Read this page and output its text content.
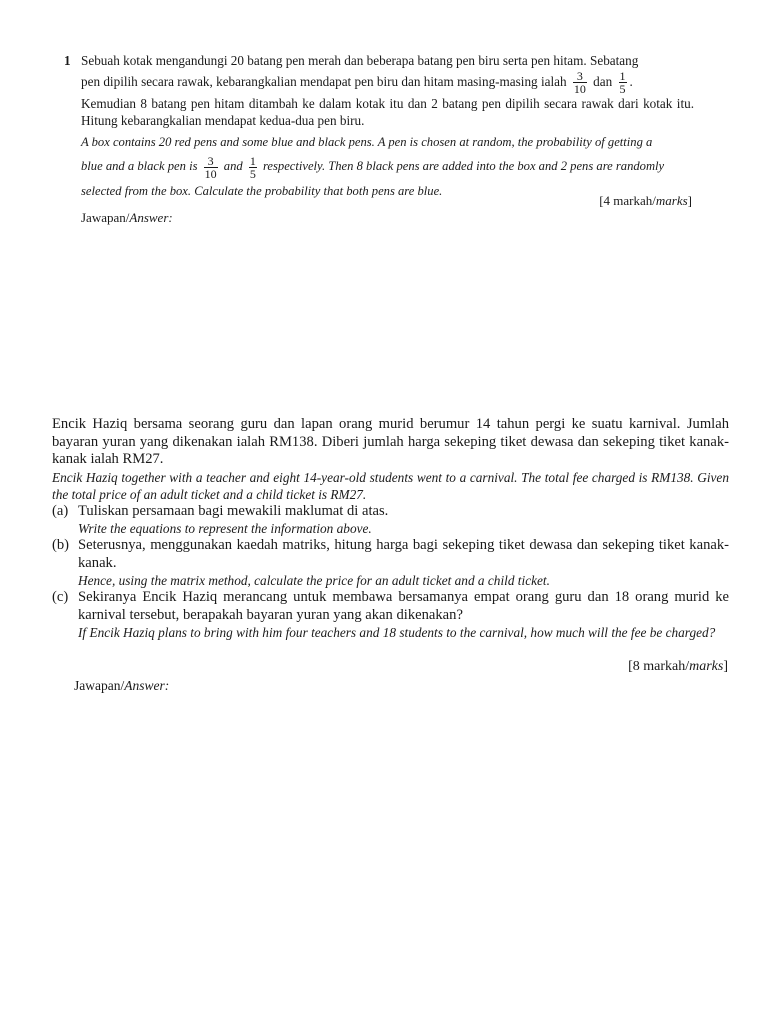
1 Sebuah kotak mengandungi 20 batang pen merah dan beberapa batang pen biru serta pen hitam. Sebatang
pen dipilih secara rawak, kebarangkalian mendapat pen biru dan hitam masing-masing ialah $\frac{3}{10}$ dan $\frac{1}{5}$ .
Kemudian 8 batang pen hitam ditambah ke dalam kotak itu dan 2 batang pen dipilih secara rawak dari kotak itu. Hitung kebarangkalian mendapat kedua-dua pen biru.
A box contains 20 red pens and some blue and black pens. A pen is chosen at random, the probability of getting a
blue and a black pen is $\frac{3}{10}$ and $\frac{1}{5}$ respectively. Then 8 black pens are added into the box and 2 pens are randomly
selected from the box. Calculate the probability that both pens are blue.
[4 markah/marks]
Jawapan/Answer:

Encik Haziq bersama seorang guru dan lapan orang murid berumur 14 tahun pergi ke suatu karnival. Jumlah bayaran yuran yang dikenakan ialah RM138. Diberi jumlah harga sekeping tiket dewasa dan sekeping tiket kanak-kanak ialah RM27.

Encik Haziq together with a teacher and eight 14-year-old students went to a carnival. The total fee charged is RM138. Given the total price of an adult ticket and a child ticket is RM27.

(a) Tuliskan persamaan bagi mewakili maklumat di atas.

Write the equations to represent the information above.

(b) Seterusnya, menggunakan kaedah matriks, hitung harga bagi sekeping tiket dewasa dan sekeping tiket kanak-kanak.

Hence, using the matrix method, calculate the price for an adult ticket and a child ticket.

(c) Sekiranya Encik Haziq merancang untuk membawa bersamanya empat orang guru dan 18 orang murid ke karnival tersebut, berapakah bayaran yuran yang akan dikenakan?

If Encik Haziq plans to bring with him four teachers and 18 students to the carnival, how much will the fee be charged?

[8 markah/marks]
Jawapan/Answer:
